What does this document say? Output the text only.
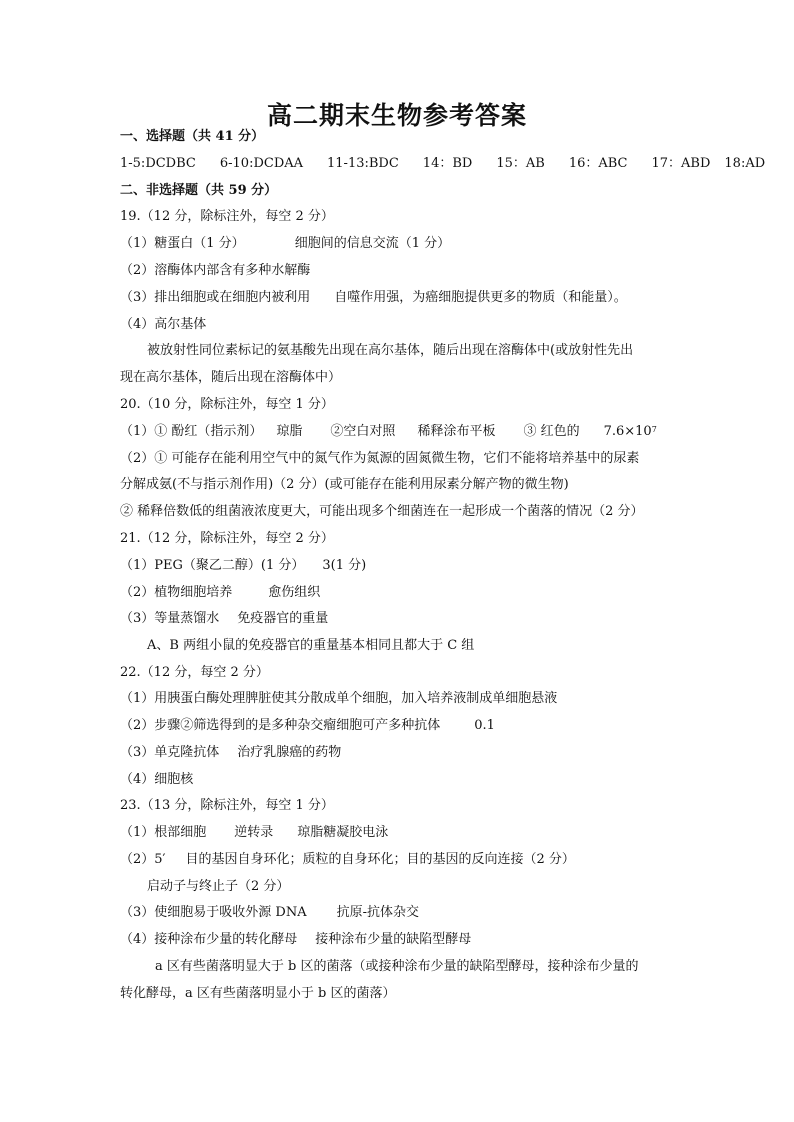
高二期末生物参考答案
一、选择题（共 41 分）
1-5:DCDBC 6-10:DCDAA 11-13:BDC 14：BD 15：AB 16：ABC 17：ABD 18:AD
二、非选择题（共 59 分）
19.（12 分，除标注外，每空 2 分）
（1）糖蛋白（1 分）	细胞间的信息交流（1 分）
（2）溶酶体内部含有多种水解酶
（3）排出细胞或在细胞内被利用 自噬作用强，为癌细胞提供更多的物质（和能量）。
（4）高尔基体
被放射性同位素标记的氨基酸先出现在高尔基体，随后出现在溶酶体中(或放射性先出
现在高尔基体，随后出现在溶酶体中）
20.（10 分，除标注外，每空 1 分）
（1）① 酚红（指示剂） 琼脂 ②空白对照 稀释涂布平板 ③ 红色的 $7.6\times 10^7$
（2）① 可能存在能利用空气中的氮气作为氮源的固氮微生物，它们不能将培养基中的尿素
分解成氨(不与指示剂作用)（2 分）(或可能存在能利用尿素分解产物的微生物)
② 稀释倍数低的组菌液浓度更大，可能出现多个细菌连在一起形成一个菌落的情况（2 分）
21.（12 分，除标注外，每空 2 分）
（1）PEG（聚乙二醇）(1 分） 3(1 分)
（2）植物细胞培养	愈伤组织
（3）等量蒸馏水 免疫器官的重量
A、B 两组小鼠的免疫器官的重量基本相同且都大于 C 组
22.（12 分，每空 2 分）
（1）用胰蛋白酶处理脾脏使其分散成单个细胞，加入培养液制成单细胞悬液
（2）步骤②筛选得到的是多种杂交瘤细胞可产多种抗体	0.1
（3）单克隆抗体 治疗乳腺癌的药物
（4）细胞核
23.（13 分，除标注外，每空 1 分）
（1）根部细胞 逆转录 琼脂糖凝胶电泳
（2）5′ 目的基因自身环化；质粒的自身环化；目的基因的反向连接（2 分）
启动子与终止子（2 分）
（3）使细胞易于吸收外源 DNA 抗原-抗体杂交
（4）接种涂布少量的转化酵母 接种涂布少量的缺陷型酵母
a 区有些菌落明显大于 b 区的菌落（或接种涂布少量的缺陷型酵母，接种涂布少量的
转化酵母，a 区有些菌落明显小于 b 区的菌落）
